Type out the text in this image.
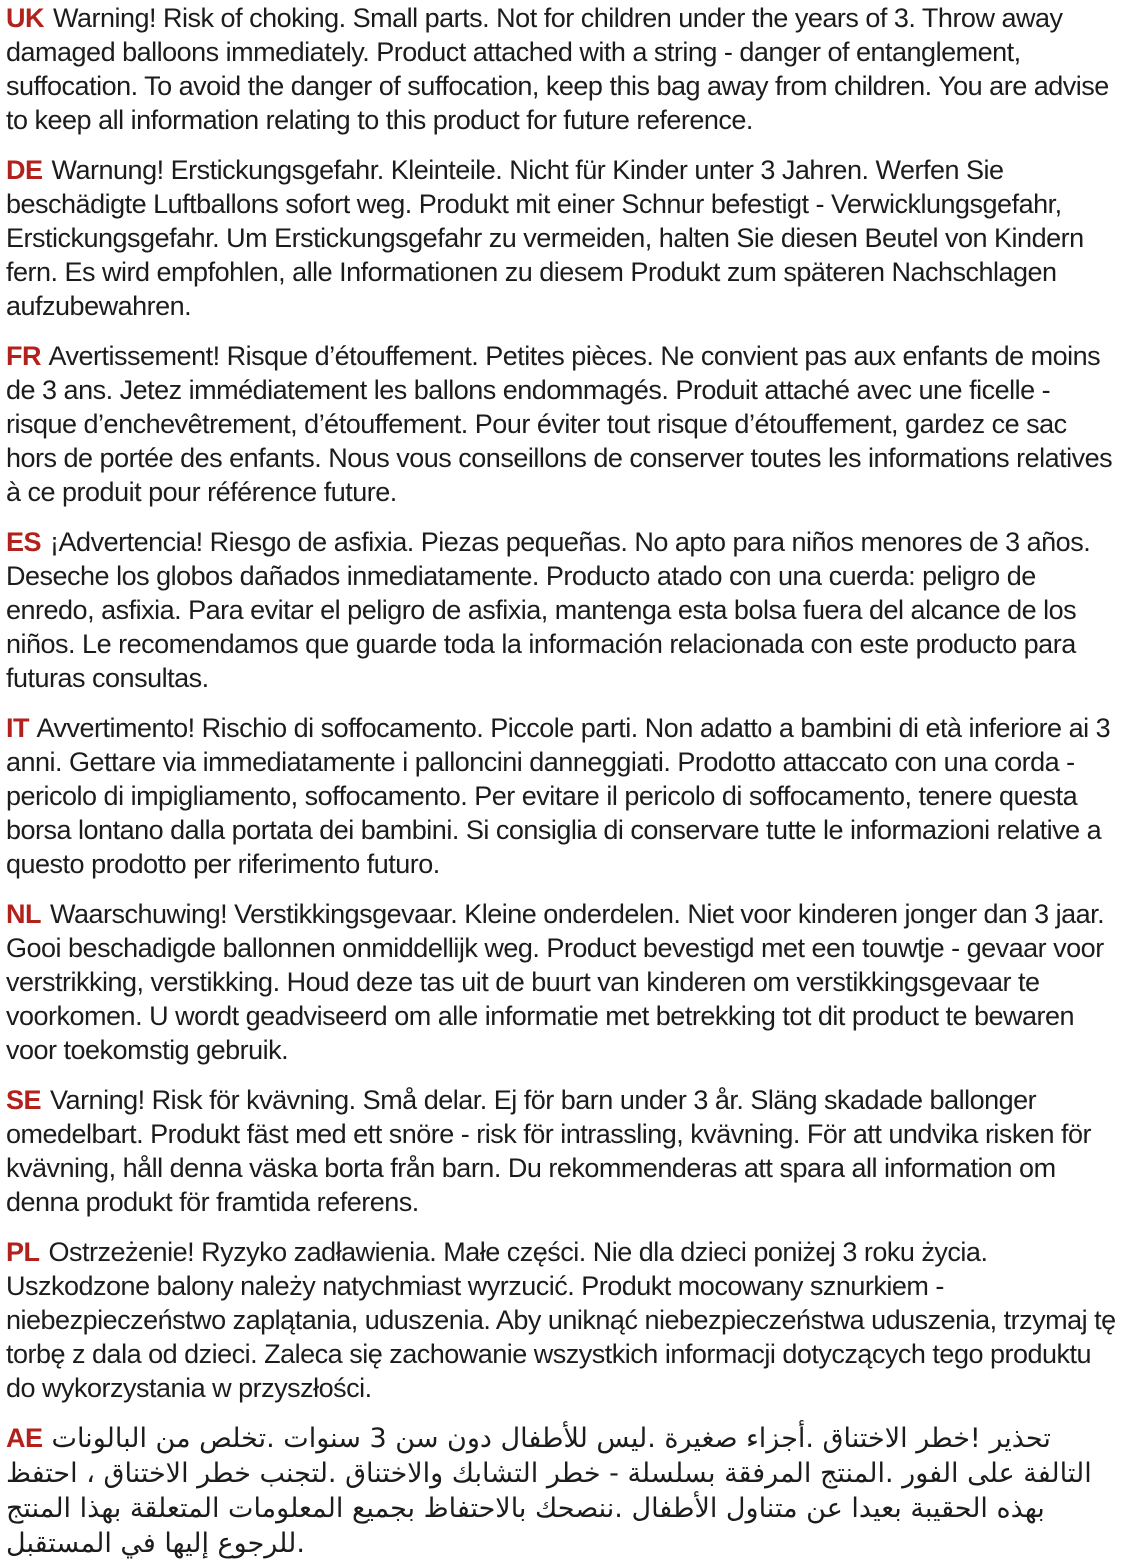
UK Warning! Risk of choking. Small parts. Not for children under the years of 3. Throw away damaged balloons immediately. Product attached with a string - danger of entanglement, suffocation. To avoid the danger of suffocation, keep this bag away from children. You are advise to keep all information relating to this product for future reference.

DE Warnung! Erstickungsgefahr. Kleinteile. Nicht für Kinder unter 3 Jahren. Werfen Sie beschädigte Luftballons sofort weg. Produkt mit einer Schnur befestigt - Verwicklungsgefahr, Erstickungsgefahr. Um Erstickungsgefahr zu vermeiden, halten Sie diesen Beutel von Kindern fern. Es wird empfohlen, alle Informationen zu diesem Produkt zum späteren Nachschlagen aufzubewahren.

FR Avertissement! Risque d’étouffement. Petites pièces. Ne convient pas aux enfants de moins de 3 ans. Jetez immédiatement les ballons endommagés. Produit attaché avec une ficelle - risque d’enchevêtrement, d’étouffement. Pour éviter tout risque d’étouffement, gardez ce sac hors de portée des enfants. Nous vous conseillons de conserver toutes les informations relatives à ce produit pour référence future.

ES ¡Advertencia! Riesgo de asfixia. Piezas pequeñas. No apto para niños menores de 3 años. Deseche los globos dañados inmediatamente. Producto atado con una cuerda: peligro de enredo, asfixia. Para evitar el peligro de asfixia, mantenga esta bolsa fuera del alcance de los niños. Le recomendamos que guarde toda la información relacionada con este producto para futuras consultas.

IT Avvertimento! Rischio di soffocamento. Piccole parti. Non adatto a bambini di età inferiore ai 3 anni. Gettare via immediatamente i palloncini danneggiati. Prodotto attaccato con una corda - pericolo di impigliamento, soffocamento. Per evitare il pericolo di soffocamento, tenere questa borsa lontano dalla portata dei bambini. Si consiglia di conservare tutte le informazioni relative a questo prodotto per riferimento futuro.

NL Waarschuwing! Verstikkingsgevaar. Kleine onderdelen. Niet voor kinderen jonger dan 3 jaar. Gooi beschadigde ballonnen onmiddellijk weg. Product bevestigd met een touwtje - gevaar voor verstrikking, verstikking. Houd deze tas uit de buurt van kinderen om verstikkingsgevaar te voorkomen. U wordt geadviseerd om alle informatie met betrekking tot dit product te bewaren voor toekomstig gebruik.

SE Varning! Risk för kvävning. Små delar. Ej för barn under 3 år. Släng skadade ballonger omedelbart. Produkt fäst med ett snöre - risk för intrassling, kvävning. För att undvika risken för kvävning, håll denna väska borta från barn. Du rekommenderas att spara all information om denna produkt för framtida referens.

PL Ostrzeżenie! Ryzyko zadławienia. Małe części. Nie dla dzieci poniżej 3 roku życia. Uszkodzone balony należy natychmiast wyrzucić. Produkt mocowany sznurkiem - niebezpieczeństwo zaplątania, uduszenia. Aby uniknąć niebezpieczeństwa uduszenia, trzymaj tę torbę z dala od dzieci. Zaleca się zachowanie wszystkich informacji dotyczących tego produktu do wykorzystania w przyszłości.

AE تحذير !خطر الاختناق .أجزاء صغيرة .ليس للأطفال دون سن 3 سنوات .تخلص من البالونات التالفة على الفور .المنتج المرفقة بسلسلة - خطر التشابك والاختناق .لتجنب خطر الاختناق ، احتفظ بهذه الحقيبة بعيدا عن متناول الأطفال .ننصحك بالاحتفاظ بجميع المعلومات المتعلقة بهذا المنتج للرجوع إليها في المستقبل.
